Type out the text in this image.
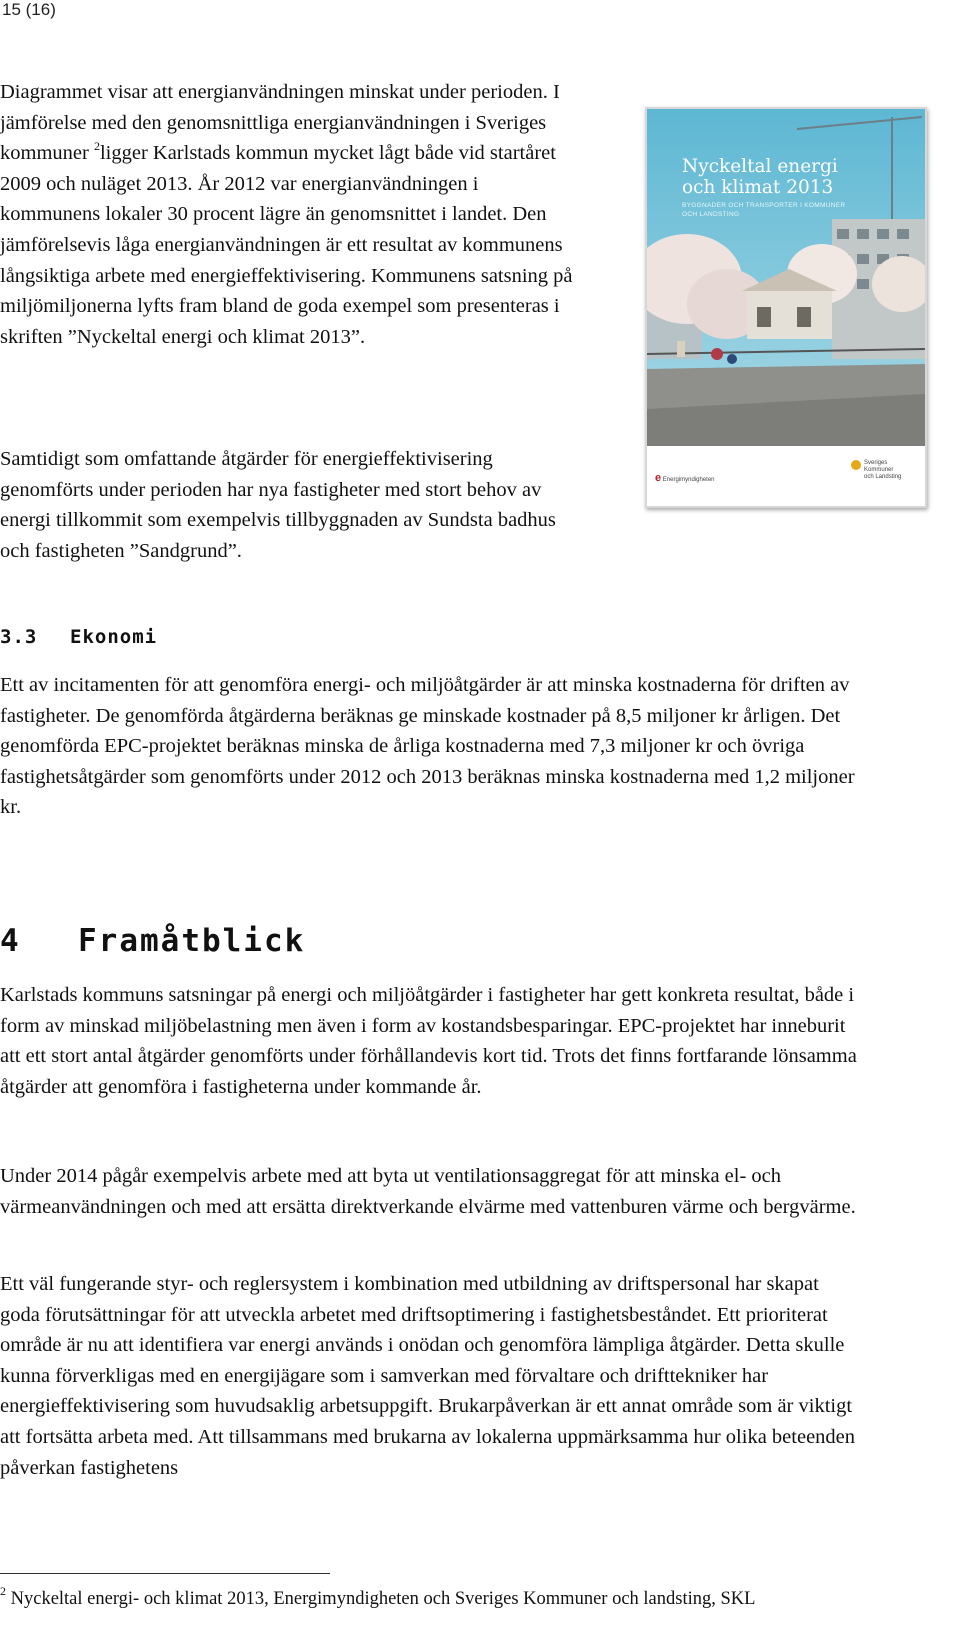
15 (16)

Diagrammet visar att energianvändningen minskat under perioden. I jämförelse med den genomsnittliga energianvändningen i Sveriges kommuner $^2$ligger Karlstads kommun mycket lågt både vid startåret 2009 och nuläget 2013. År 2012 var energianvändningen i kommunens lokaler 30 procent lägre än genomsnittet i landet. Den jämförelsevis låga energianvändningen är ett resultat av kommunens långsiktiga arbete med energieffektivisering. Kommunens satsning på miljömiljonerna lyfts fram bland de goda exempel som presenteras i skriften ”Nyckeltal energi och klimat 2013”.

Samtidigt som omfattande åtgärder för energieffektivisering genomförts under perioden har nya fastigheter med stort behov av energi tillkommit som exempelvis tillbyggnaden av Sundsta badhus och fastigheten ”Sandgrund”.

3.3 Ekonomi

Ett av incitamenten för att genomföra energi- och miljöåtgärder är att minska kostnaderna för driften av fastigheter. De genomförda åtgärderna beräknas ge minskade kostnader på 8,5 miljoner kr årligen. Det genomförda EPC-projektet beräknas minska de årliga kostnaderna med 7,3 miljoner kr och övriga fastighetsåtgärder som genomförts under 2012 och 2013 beräknas minska kostnaderna med 1,2 miljoner kr.

4 Framåtblick

Karlstads kommuns satsningar på energi och miljöåtgärder i fastigheter har gett konkreta resultat, både i form av minskad miljöbelastning men även i form av kostandsbesparingar. EPC-projektet har inneburit att ett stort antal åtgärder genomförts under förhållandevis kort tid. Trots det finns fortfarande lönsamma åtgärder att genomföra i fastigheterna under kommande år.

Under 2014 pågår exempelvis arbete med att byta ut ventilationsaggregat för att minska el- och värmeanvändningen och med att ersätta direktverkande elvärme med vattenburen värme och bergvärme.

Ett väl fungerande styr- och reglersystem i kombination med utbildning av driftspersonal har skapat goda förutsättningar för att utveckla arbetet med driftsoptimering i fastighetsbeståndet. Ett prioriterat område är nu att identifiera var energi används i onödan och genomföra lämpliga åtgärder. Detta skulle kunna förverkligas med en energijägare som i samverkan med förvaltare och drifttekniker har energieffektivisering som huvudsaklig arbetsuppgift. Brukarpåverkan är ett annat område som är viktigt att fortsätta arbeta med. Att tillsammans med brukarna av lokalerna uppmärksamma hur olika beteenden påverkan fastighetens

$^2$ Nyckeltal energi- och klimat 2013, Energimyndigheten och Sveriges Kommuner och landsting, SKL

Nyckeltal energi
och klimat 2013
BYGGNADER OCH TRANSPORTER I KOMMUNER
OCH LANDSTING
e Energimyndigheten
Sveriges
Kommuner
och Landsting
